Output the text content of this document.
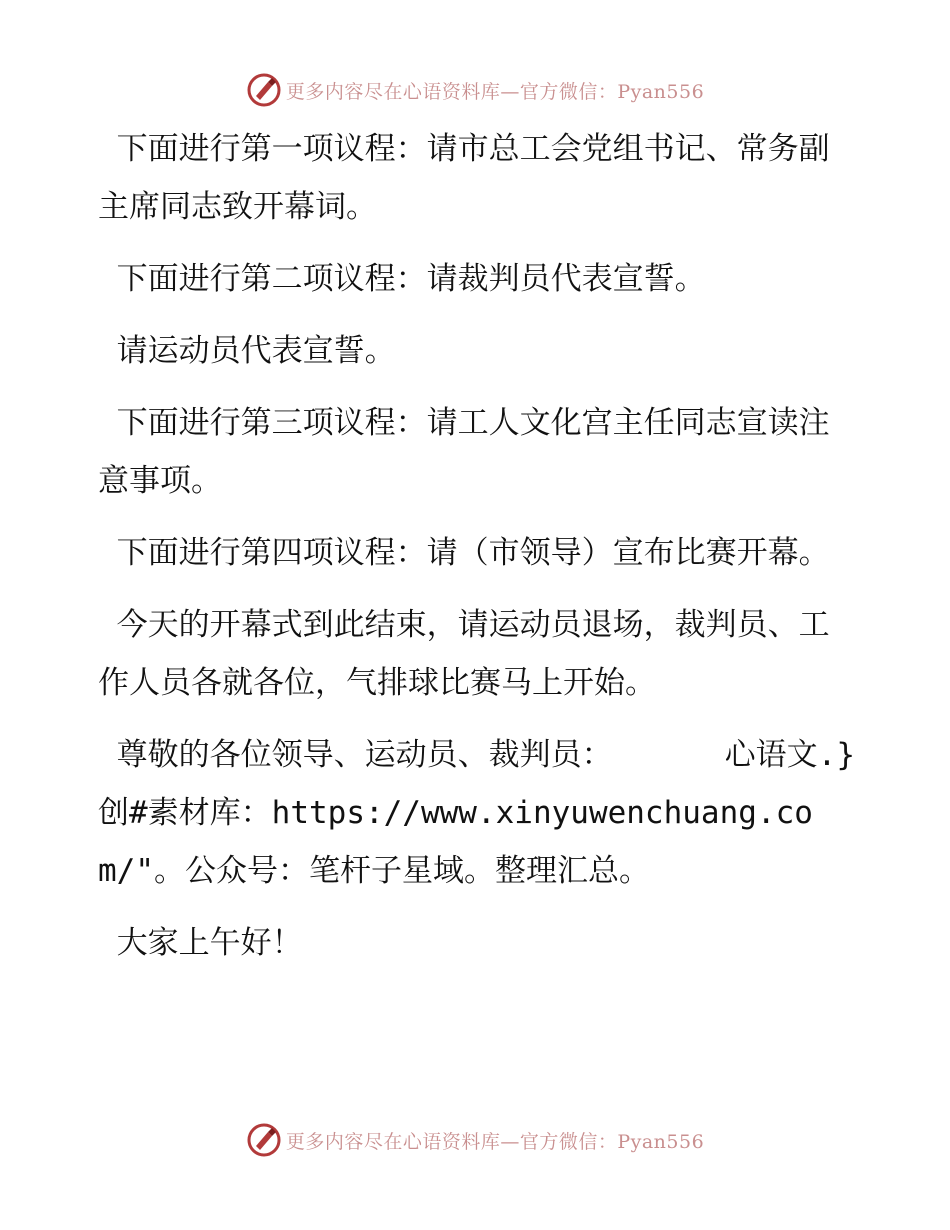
更多内容尽在心语资料库—官方微信：Pyan556

下面进行第一项议程：请市总工会党组书记、常务副主席同志致开幕词。

下面进行第二项议程：请裁判员代表宣誓。

请运动员代表宣誓。

下面进行第三项议程：请工人文化宫主任同志宣读注意事项。

下面进行第四项议程：请（市领导）宣布比赛开幕。

今天的开幕式到此结束，请运动员退场，裁判员、工作人员各就各位，气排球比赛马上开始。

尊敬的各位领导、运动员、裁判员：      心语文.}创#素材库：https://www.xinyuwenchuang.com/"。公众号：笔杆子星域。整理汇总。

大家上午好！

更多内容尽在心语资料库—官方微信：Pyan556
